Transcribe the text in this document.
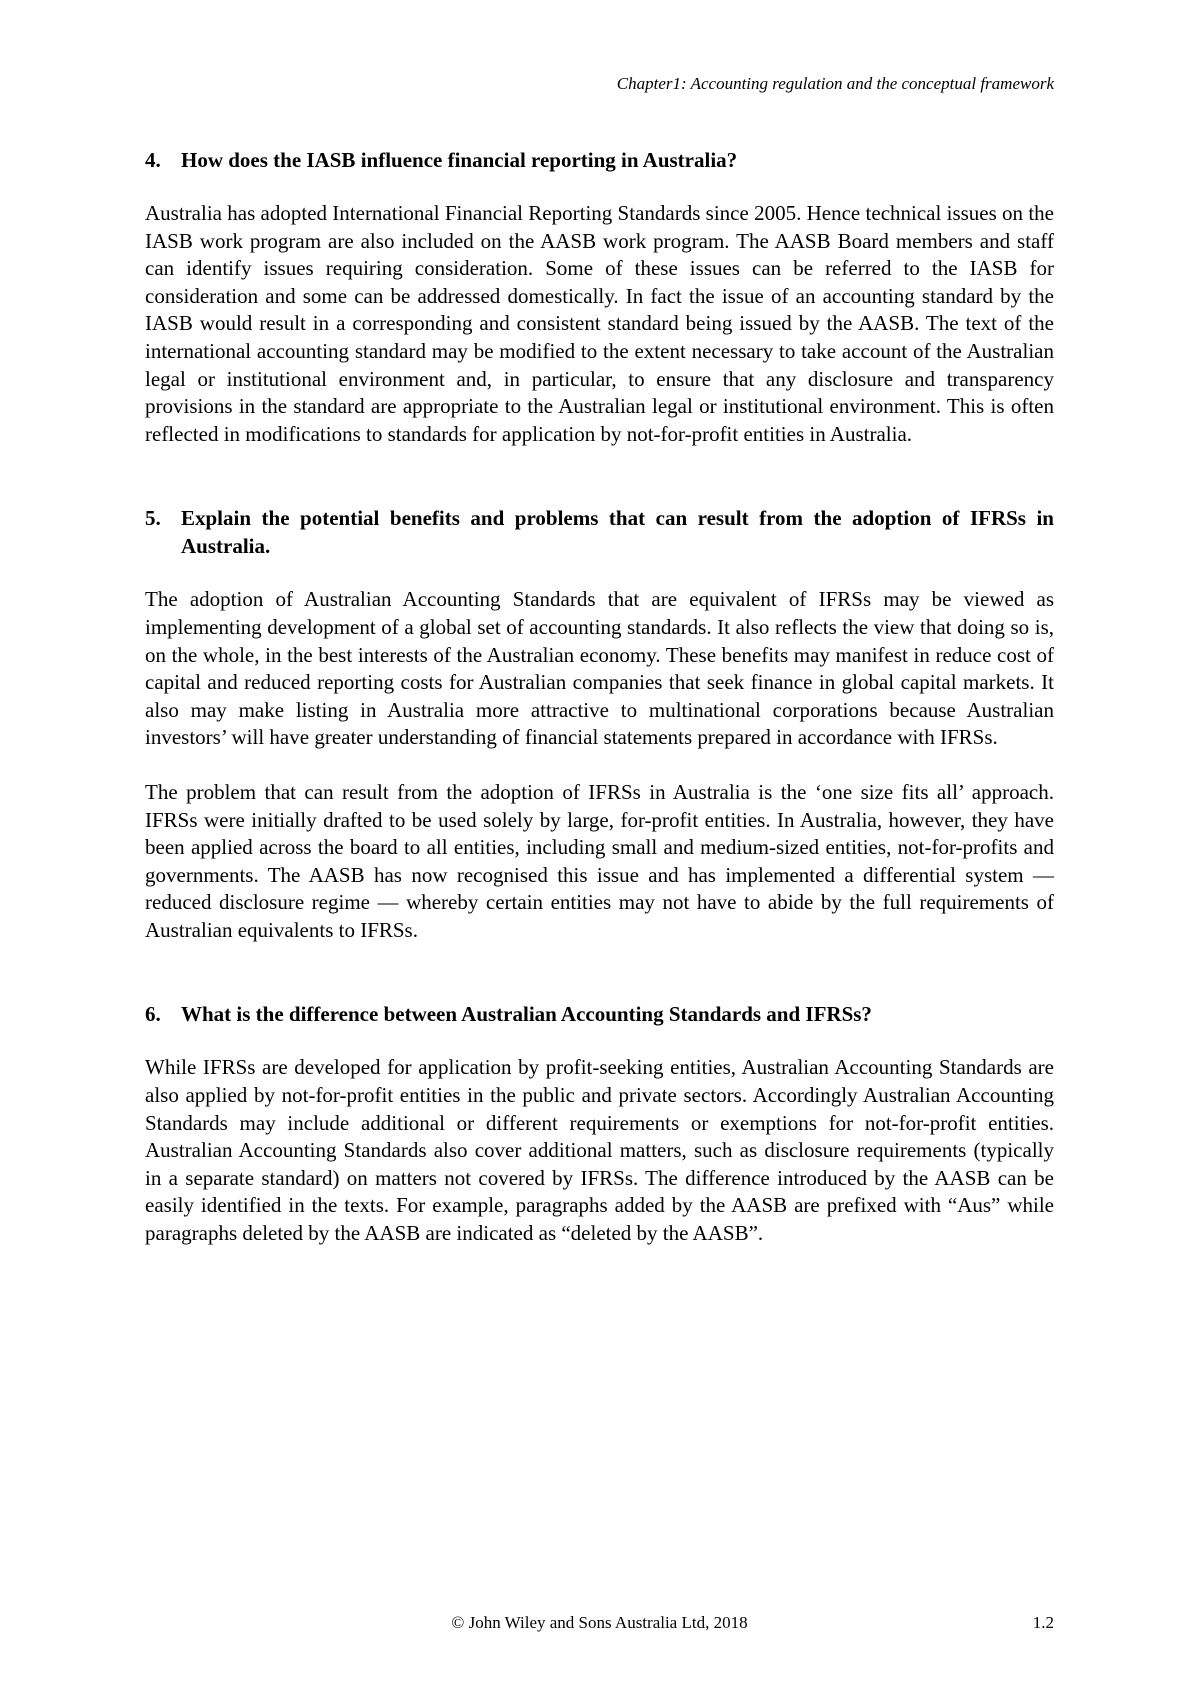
Chapter1: Accounting regulation and the conceptual framework
4. How does the IASB influence financial reporting in Australia?

Australia has adopted International Financial Reporting Standards since 2005. Hence technical issues on the IASB work program are also included on the AASB work program. The AASB Board members and staff can identify issues requiring consideration. Some of these issues can be referred to the IASB for consideration and some can be addressed domestically. In fact the issue of an accounting standard by the IASB would result in a corresponding and consistent standard being issued by the AASB. The text of the international accounting standard may be modified to the extent necessary to take account of the Australian legal or institutional environment and, in particular, to ensure that any disclosure and transparency provisions in the standard are appropriate to the Australian legal or institutional environment. This is often reflected in modifications to standards for application by not-for-profit entities in Australia.

5. Explain the potential benefits and problems that can result from the adoption of IFRSs in Australia.

The adoption of Australian Accounting Standards that are equivalent of IFRSs may be viewed as implementing development of a global set of accounting standards. It also reflects the view that doing so is, on the whole, in the best interests of the Australian economy. These benefits may manifest in reduce cost of capital and reduced reporting costs for Australian companies that seek finance in global capital markets. It also may make listing in Australia more attractive to multinational corporations because Australian investors’ will have greater understanding of financial statements prepared in accordance with IFRSs.

The problem that can result from the adoption of IFRSs in Australia is the ‘one size fits all’ approach. IFRSs were initially drafted to be used solely by large, for-profit entities. In Australia, however, they have been applied across the board to all entities, including small and medium-sized entities, not-for-profits and governments. The AASB has now recognised this issue and has implemented a differential system — reduced disclosure regime — whereby certain entities may not have to abide by the full requirements of Australian equivalents to IFRSs.

6. What is the difference between Australian Accounting Standards and IFRSs?

While IFRSs are developed for application by profit-seeking entities, Australian Accounting Standards are also applied by not-for-profit entities in the public and private sectors. Accordingly Australian Accounting Standards may include additional or different requirements or exemptions for not-for-profit entities. Australian Accounting Standards also cover additional matters, such as disclosure requirements (typically in a separate standard) on matters not covered by IFRSs. The difference introduced by the AASB can be easily identified in the texts. For example, paragraphs added by the AASB are prefixed with “Aus” while paragraphs deleted by the AASB are indicated as “deleted by the AASB”.

© John Wiley and Sons Australia Ltd, 2018	1.2
